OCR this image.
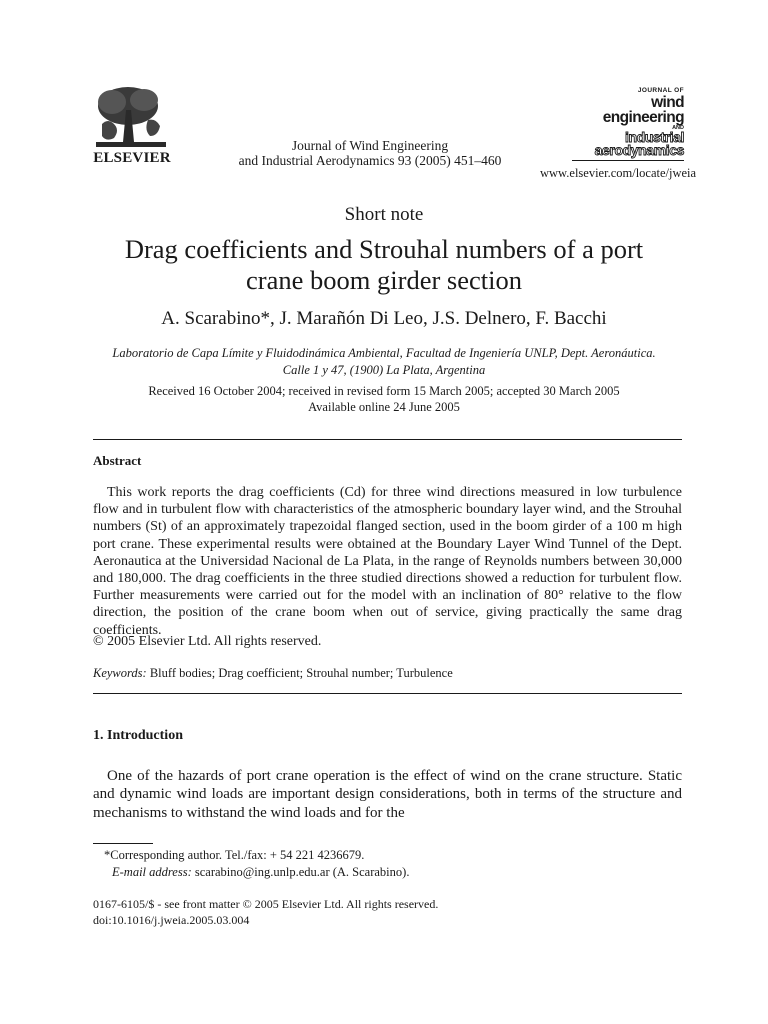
ELSEVIER
Journal of Wind Engineering
and Industrial Aerodynamics 93 (2005) 451–460
JOURNAL OF
wind engineering
AND
industrial
aerodynamics
www.elsevier.com/locate/jweia
Short note
Drag coefficients and Strouhal numbers of a port
crane boom girder section
A. Scarabino*, J. Marañón Di Leo, J.S. Delnero, F. Bacchi
Laboratorio de Capa Límite y Fluidodinámica Ambiental, Facultad de Ingeniería UNLP, Dept. Aeronáutica.
Calle 1 y 47, (1900) La Plata, Argentina
Received 16 October 2004; received in revised form 15 March 2005; accepted 30 March 2005
Available online 24 June 2005
Abstract
This work reports the drag coefficients (Cd) for three wind directions measured in low turbulence flow and in turbulent flow with characteristics of the atmospheric boundary layer wind, and the Strouhal numbers (St) of an approximately trapezoidal flanged section, used in the boom girder of a 100 m high port crane. These experimental results were obtained at the Boundary Layer Wind Tunnel of the Dept. Aeronautica at the Universidad Nacional de La Plata, in the range of Reynolds numbers between 30,000 and 180,000. The drag coefficients in the three studied directions showed a reduction for turbulent flow. Further measurements were carried out for the model with an inclination of 80° relative to the flow direction, the position of the crane boom when out of service, giving practically the same drag coefficients.
© 2005 Elsevier Ltd. All rights reserved.
Keywords: Bluff bodies; Drag coefficient; Strouhal number; Turbulence
1. Introduction
One of the hazards of port crane operation is the effect of wind on the crane structure. Static and dynamic wind loads are important design considerations, both in terms of the structure and mechanisms to withstand the wind loads and for the
*Corresponding author. Tel./fax: + 54 221 4236679.
E-mail address: scarabino@ing.unlp.edu.ar (A. Scarabino).
0167-6105/$ - see front matter © 2005 Elsevier Ltd. All rights reserved.
doi:10.1016/j.jweia.2005.03.004
